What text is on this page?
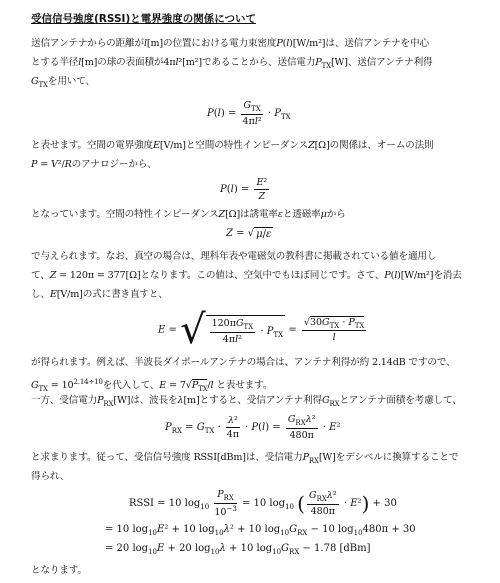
受信信号強度(RSSI)と電界強度の関係について
送信アンテナからの距離がl[m]の位置における電力束密度P(l)[W/m²]は、送信アンテナを中心
とする半径l[m]の球の表面積が4πl²[m²]であることから、送信電力$P_{TX}[W]$、送信アンテナ利得
$G_{TX}$を用いて、
$P(l) = \frac{G_{TX}}{\text{4πl²}} \cdot P_{TX}$
と表せます。空間の電界強度E[V/m]と空間の特性インピーダンスZ[Ω]の関係は、オームの法則
P = V²/Rのアナロジーから、
$P(l) = \frac{\text{E²}}{Z}$
となっています。空間の特性インピーダンスZ[Ω]は誘電率εと透磁率μから
Z = √ μ/ε
で与えられます。なお、真空の場合は、理科年表や電磁気の教科書に掲載されている値を適用し
て、Z = 120π = 377[Ω]となります。この値は、空気中でもほぼ同じです。さて、P(l)[W/m²]を消去
し、E[V/m]の式に書き直すと、
E = √ $\frac{120\pi G_{TX}}{\text{4πl²}} \cdot P_{TX} = \frac{√30G_{TX} \cdot P_{TX}}{l}$
が得られます。例えば、半波長ダイポールアンテナの場合は、アンテナ利得が約 2.14dB ですので、
$G_{TX} = 10^{2.14\div 10}$を代入して、$E = 7√P_{TX}/l$ と表せます。
一方、受信電力$P_{RX}[W]$は、波長をλ[m]とすると、受信アンテナ利得$G_{RX}$とアンテナ面積を考慮して、
$P_{RX} = G_{TX} \cdot \frac{\text{λ²}}{4\pi} \cdot P(l) = \frac{G_{RX}\lambda^2}{480\pi} \cdot E^2$
と求まります。従って、受信信号強度 RSSI[dBm]は、受信電力$P_{RX}[W]$をデシベルに換算することで
得られ、
RSSI = 10 $\log_{10} \frac{P_{RX}}{10^{-3}} = 10$ $\log_{10}$ ( $\frac{G_{RX}\lambda^2}{480\pi} \cdot E^2) + 30$
= 10 $\log_{10}E^2 + 10$ $\log_{10}\lambda^2 + 10$ $\log_{10}G_{RX} - 10$ $\log_{10}480\pi + 30$
= 20 $\log_{10}E + 20$ $\log_{10}\lambda + 10$ $\log_{10}G_{RX} - 1.78$ [dBm]
となります。
